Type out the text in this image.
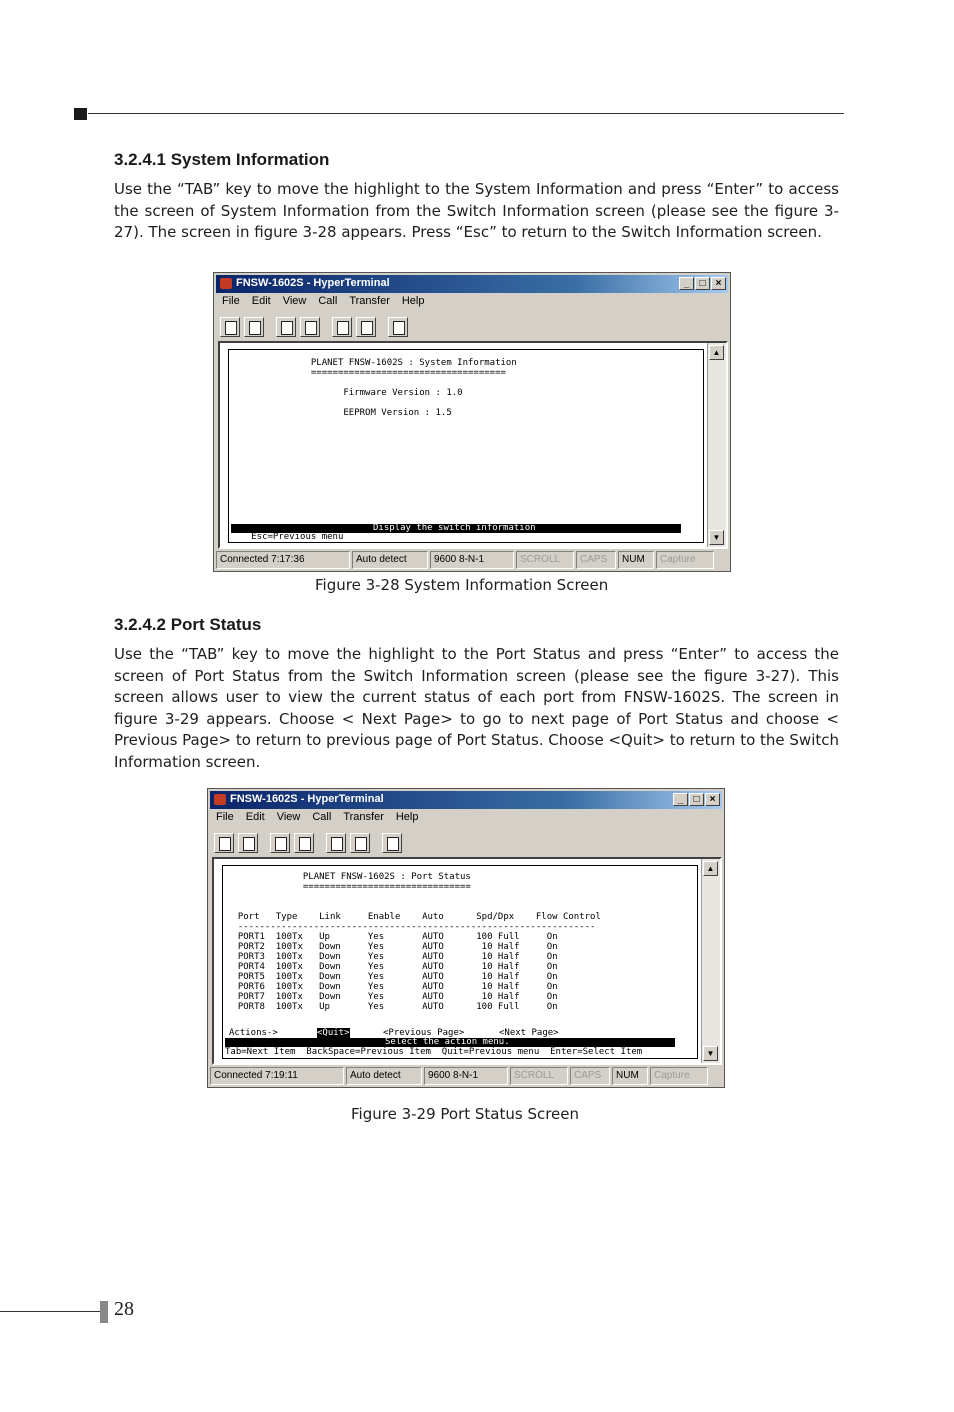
3.2.4.1 System Information

Use the “TAB” key to move the highlight to the System Information and press “Enter” to access the screen of System Information from the Switch Information screen (please see the figure 3-27). The screen in figure 3-28 appears. Press “Esc” to return to the Switch Information screen.

FNSW-1602S - HyperTerminal	_	□	×
File Edit View Call Transfer Help
PLANET FNSW-1602S : System Information
====================================

Firmware Version : 1.0

EEPROM Version : 1.5
Display the switch information
Esc=Previous menu
▲
▼
Connected 7:17:36	Auto detect	9600 8-N-1	SCROLL	CAPS	NUM	Capture

Figure 3-28 System Information Screen

3.2.4.2 Port Status

Use the “TAB” key to move the highlight to the Port Status and press “Enter” to access the screen of Port Status from the Switch Information screen (please see the figure 3-27). This screen allows user to view the current status of each port from FNSW-1602S. The screen in figure 3-29 appears. Choose < Next Page> to go to next page of Port Status and choose < Previous Page> to return to previous page of Port Status. Choose <Quit> to return to the Switch Information screen.

FNSW-1602S - HyperTerminal	_	□	×
File Edit View Call Transfer Help
PLANET FNSW-1602S : Port Status
===============================

Port   Type    Link     Enable    Auto      Spd/Dpx    Flow Control
------------------------------------------------------------------
PORT1  100Tx   Up       Yes       AUTO      100 Full     On
PORT2  100Tx   Down     Yes       AUTO       10 Half     On
PORT3  100Tx   Down     Yes       AUTO       10 Half     On
PORT4  100Tx   Down     Yes       AUTO       10 Half     On
PORT5  100Tx   Down     Yes       AUTO       10 Half     On
PORT6  100Tx   Down     Yes       AUTO       10 Half     On
PORT7  100Tx   Down     Yes       AUTO       10 Half     On
PORT8  100Tx   Up       Yes       AUTO      100 Full     On
Actions->	<Quit>	<Previous Page>	<Next Page>
Select the action menu.
Tab=Next Item  BackSpace=Previous Item  Quit=Previous menu  Enter=Select Item
▲
▼
Connected 7:19:11	Auto detect	9600 8-N-1	SCROLL	CAPS	NUM	Capture

Figure 3-29 Port Status Screen

28
